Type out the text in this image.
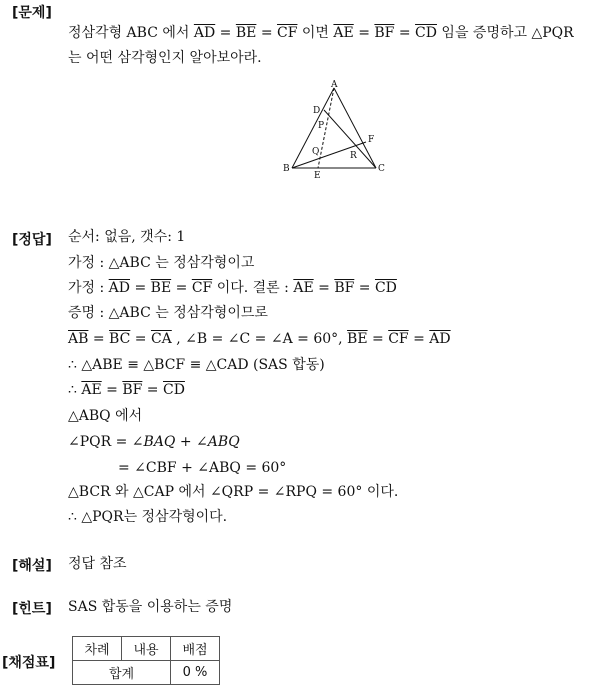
[문제]
정삼각형 ABC 에서 $\overline{AD} = \overline{BE} = \overline{CF}$ 이면 $\overline{AE} = \overline{BF} = \overline{CD}$ 임을 증명하고 △PQR
는 어떤 삼각형인지 알아보아라.
A
D
P
F
R
Q
B
E
C
[정답] 순서: 없음, 갯수: 1
가정 : △ABC 는 정삼각형이고
가정 : $\overline{AD} = \overline{BE} = \overline{CF}$ 이다. 결론 : $\overline{AE} = \overline{BF} = \overline{CD}$
증명 : △ABC 는 정삼각형이므로
$\overline{AB} = \overline{BC} = \overline{CA}$ , ∠B = ∠C = ∠A = 60°, $\overline{BE} = \overline{CF} = \overline{AD}$
∴ △ABE ≡ △BCF ≡ △CAD (SAS 합동)
∴ $\overline{AE} = \overline{BF} = \overline{CD}$
△ABQ 에서
∠PQR = ∠BAQ + ∠ABQ
= ∠CBF + ∠ABQ = 60°
△BCR 와 △CAP 에서 ∠QRP = ∠RPQ = 60° 이다.
∴ △PQR는 정삼각형이다.
[해설] 정답 참조
[힌트] SAS 합동을 이용하는 증명
[채점표]
차례	내용	배점
합계		0 %
